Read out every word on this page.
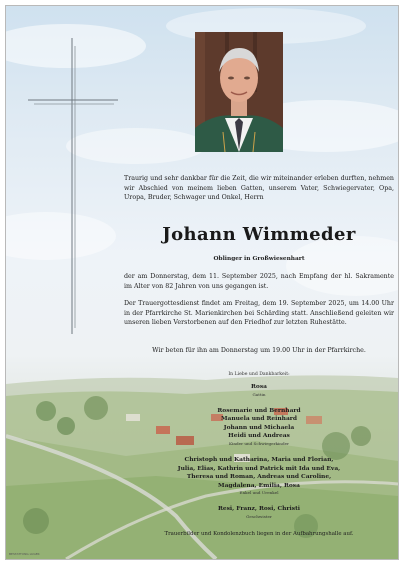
Traurig und sehr dankbar für die Zeit, die wir miteinander erleben durften, nehmen wir Abschied von meinem lieben Gatten, unserem Vater, Schwiegervater, Opa, Uropa, Bruder, Schwager und Onkel, Herrn
Johann Wimmeder
Oblinger in Großwiesenhart
der am Donnerstag, dem 11. September 2025, nach Empfang der hl. Sakramente im Alter von 82 Jahren von uns gegangen ist.
Der Trauergottesdienst findet am Freitag, dem 19. September 2025, um 14.00 Uhr in der Pfarrkirche St. Marienkirchen bei Schärding statt. Anschließend geleiten wir unseren lieben Verstorbenen auf den Friedhof zur letzten Ruhestätte.
Wir beten für ihn am Donnerstag um 19.00 Uhr in der Pfarrkirche.
In Liebe und Dankbarkeit:
Rosa
Gattin
Rosemarie und Bernhard
Manuela und Reinhard
Johann und Michaela
Heidi und Andreas
Kinder und Schwiegerkinder
Christoph und Katharina, Maria und Florian,
Julia, Elias, Kathrin und Patrick mit Ida und Eva,
Theresa und Roman, Andreas und Caroline,
Magdalena, Emilia, Rosa
Enkel und Urenkel
Resi, Franz, Rosi, Christi
Geschwister
Trauerbilder und Kondolenzbuch liegen in der Aufbahrungshalle auf.
BESTATTUNG LUGER
